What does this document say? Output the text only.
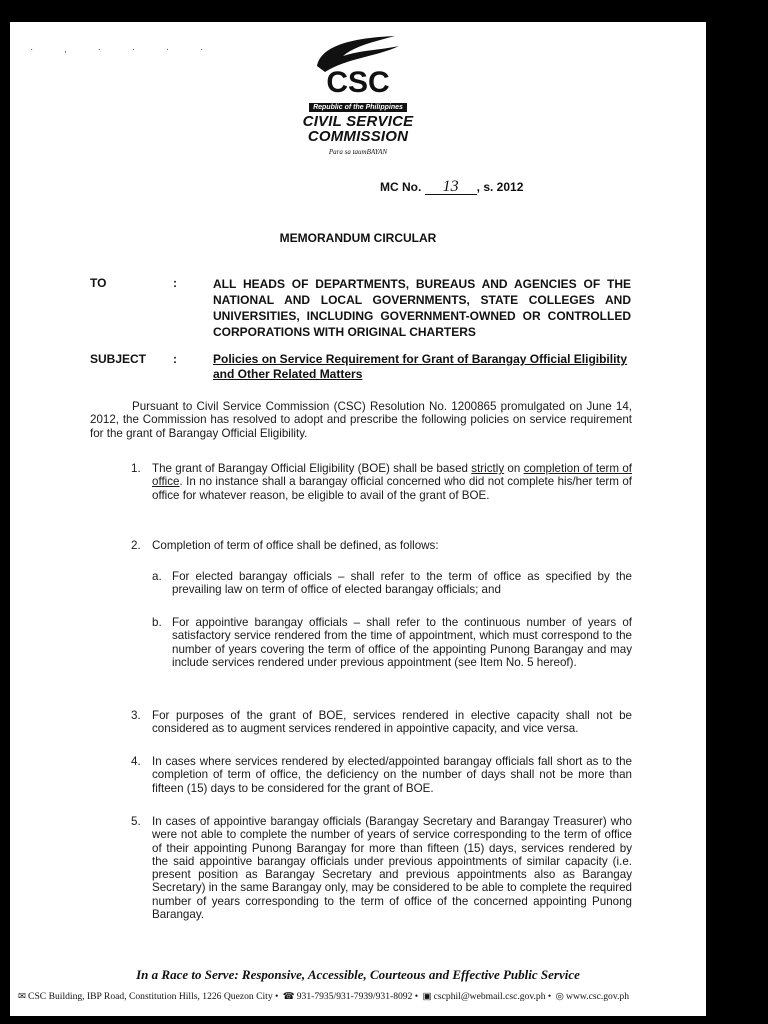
· , · · · ·
CSC
Republic of the Philippines
CIVIL SERVICE
COMMISSION
Para sa taumBAYAN
MC No. 13 , s. 2012
MEMORANDUM CIRCULAR
TO	:	ALL HEADS OF DEPARTMENTS, BUREAUS AND AGENCIES OF THE NATIONAL AND LOCAL GOVERNMENTS, STATE COLLEGES AND UNIVERSITIES, INCLUDING GOVERNMENT-OWNED OR CONTROLLED CORPORATIONS WITH ORIGINAL CHARTERS
SUBJECT :	Policies on Service Requirement for Grant of Barangay Official Eligibility and Other Related Matters
Pursuant to Civil Service Commission (CSC) Resolution No. 1200865 promulgated on June 14, 2012, the Commission has resolved to adopt and prescribe the following policies on service requirement for the grant of Barangay Official Eligibility.
1. The grant of Barangay Official Eligibility (BOE) shall be based strictly on completion of term of office. In no instance shall a barangay official concerned who did not complete his/her term of office for whatever reason, be eligible to avail of the grant of BOE.
2. Completion of term of office shall be defined, as follows:
a. For elected barangay officials – shall refer to the term of office as specified by the prevailing law on term of office of elected barangay officials; and
b. For appointive barangay officials – shall refer to the continuous number of years of satisfactory service rendered from the time of appointment, which must correspond to the number of years covering the term of office of the appointing Punong Barangay and may include services rendered under previous appointment (see Item No. 5 hereof).
3. For purposes of the grant of BOE, services rendered in elective capacity shall not be considered as to augment services rendered in appointive capacity, and vice versa.
4. In cases where services rendered by elected/appointed barangay officials fall short as to the completion of term of office, the deficiency on the number of days shall not be more than fifteen (15) days to be considered for the grant of BOE.
5. In cases of appointive barangay officials (Barangay Secretary and Barangay Treasurer) who were not able to complete the number of years of service corresponding to the term of office of their appointing Punong Barangay for more than fifteen (15) days, services rendered by the said appointive barangay officials under previous appointments of similar capacity (i.e. present position as Barangay Secretary and previous appointments also as Barangay Secretary) in the same Barangay only, may be considered to be able to complete the required number of years corresponding to the term of office of the concerned appointing Punong Barangay.
In a Race to Serve: Responsive, Accessible, Courteous and Effective Public Service
✉ CSC Building, IBP Road, Constitution Hills, 1226 Quezon City • ☎ 931-7935/931-7939/931-8092 • ▣ cscphil@webmail.csc.gov.ph • ◎ www.csc.gov.ph
